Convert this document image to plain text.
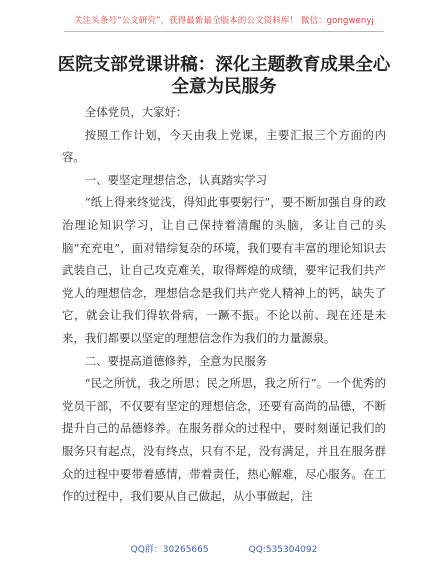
关注头条号“公文研究”，获得最新最全版本的公文资料库！ 微信：gongwenyj
医院支部党课讲稿：深化主题教育成果全心全意为民服务

全体党员，大家好：

按照工作计划，今天由我上党课，主要汇报三个方面的内容。

一、要坚定理想信念，认真踏实学习

“纸上得来终觉浅，得知此事要躬行”，要不断加强自身的政治理论知识学习，让自己保持着清醒的头脑，多让自己的头脑“充充电”，面对错综复杂的环境，我们要有丰富的理论知识去武装自己，让自己攻克难关，取得辉煌的成绩，要牢记我们共产党人的理想信念，理想信念是我们共产党人精神上的钙，缺失了它，就会让我们得软骨病，一蹶不振。不论以前、现在还是未来，我们都要以坚定的理想信念作为我们的力量源泉。

二、要提高道德修养，全意为民服务

“民之所忧，我之所思；民之所思，我之所行”。一个优秀的党员干部，不仅要有坚定的理想信念，还要有高尚的品德，不断提升自己的品德修养。在服务群众的过程中，要时刻谨记我们的服务只有起点，没有终点，只有不足，没有满足，并且在服务群众的过程中要带着感情，带着责任，热心解难，尽心服务。在工作的过程中，我们要从自己做起，从小事做起，注

QQ群：30265665	QQ:535304092
